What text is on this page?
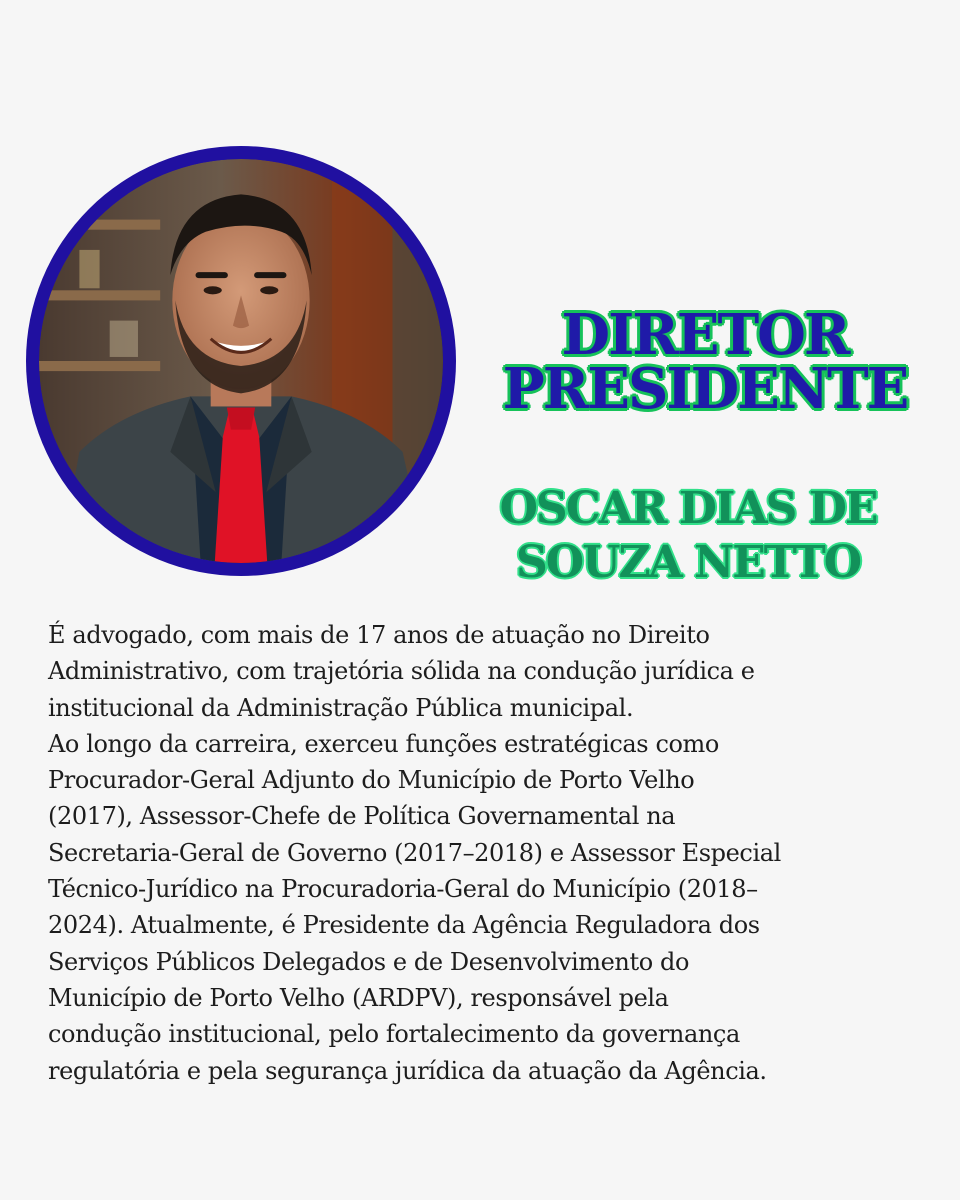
DIRETOR
PRESIDENTE
OSCAR DIAS DE
SOUZA NETTO
É advogado, com mais de 17 anos de atuação no Direito
Administrativo, com trajetória sólida na condução jurídica e
institucional da Administração Pública municipal.
Ao longo da carreira, exerceu funções estratégicas como
Procurador-Geral Adjunto do Município de Porto Velho
(2017), Assessor-Chefe de Política Governamental na
Secretaria-Geral de Governo (2017–2018) e Assessor Especial
Técnico-Jurídico na Procuradoria-Geral do Município (2018–
2024). Atualmente, é Presidente da Agência Reguladora dos
Serviços Públicos Delegados e de Desenvolvimento do
Município de Porto Velho (ARDPV), responsável pela
condução institucional, pelo fortalecimento da governança
regulatória e pela segurança jurídica da atuação da Agência.
